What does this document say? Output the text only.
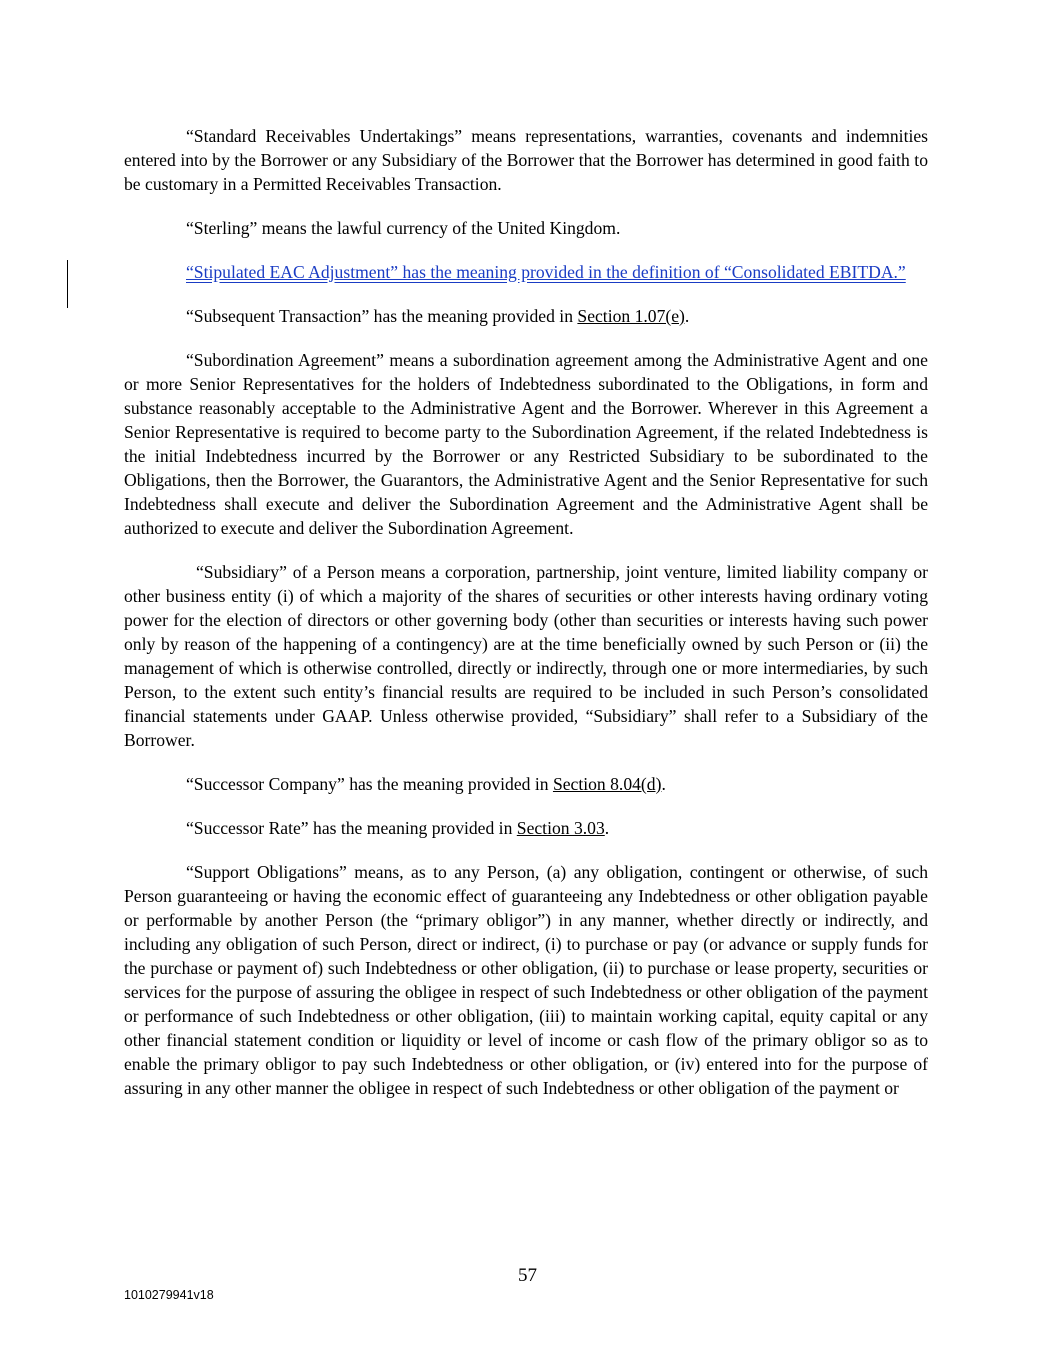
“Standard Receivables Undertakings” means representations, warranties, covenants and indemnities entered into by the Borrower or any Subsidiary of the Borrower that the Borrower has determined in good faith to be customary in a Permitted Receivables Transaction.

“Sterling” means the lawful currency of the United Kingdom.

“Stipulated EAC Adjustment” has the meaning provided in the definition of “Consolidated EBITDA.”

“Subsequent Transaction” has the meaning provided in Section 1.07(e).

“Subordination Agreement” means a subordination agreement among the Administrative Agent and one or more Senior Representatives for the holders of Indebtedness subordinated to the Obligations, in form and substance reasonably acceptable to the Administrative Agent and the Borrower. Wherever in this Agreement a Senior Representative is required to become party to the Subordination Agreement, if the related Indebtedness is the initial Indebtedness incurred by the Borrower or any Restricted Subsidiary to be subordinated to the Obligations, then the Borrower, the Guarantors, the Administrative Agent and the Senior Representative for such Indebtedness shall execute and deliver the Subordination Agreement and the Administrative Agent shall be authorized to execute and deliver the Subordination Agreement.

“Subsidiary” of a Person means a corporation, partnership, joint venture, limited liability company or other business entity (i) of which a majority of the shares of securities or other interests having ordinary voting power for the election of directors or other governing body (other than securities or interests having such power only by reason of the happening of a contingency) are at the time beneficially owned by such Person or (ii) the management of which is otherwise controlled, directly or indirectly, through one or more intermediaries, by such Person, to the extent such entity’s financial results are required to be included in such Person’s consolidated financial statements under GAAP. Unless otherwise provided, “Subsidiary” shall refer to a Subsidiary of the Borrower.

“Successor Company” has the meaning provided in Section 8.04(d).

“Successor Rate” has the meaning provided in Section 3.03.

“Support Obligations” means, as to any Person, (a) any obligation, contingent or otherwise, of such Person guaranteeing or having the economic effect of guaranteeing any Indebtedness or other obligation payable or performable by another Person (the “primary obligor”) in any manner, whether directly or indirectly, and including any obligation of such Person, direct or indirect, (i) to purchase or pay (or advance or supply funds for the purchase or payment of) such Indebtedness or other obligation, (ii) to purchase or lease property, securities or services for the purpose of assuring the obligee in respect of such Indebtedness or other obligation of the payment or performance of such Indebtedness or other obligation, (iii) to maintain working capital, equity capital or any other financial statement condition or liquidity or level of income or cash flow of the primary obligor so as to enable the primary obligor to pay such Indebtedness or other obligation, or (iv) entered into for the purpose of assuring in any other manner the obligee in respect of such Indebtedness or other obligation of the payment or

57
1010279941v18
